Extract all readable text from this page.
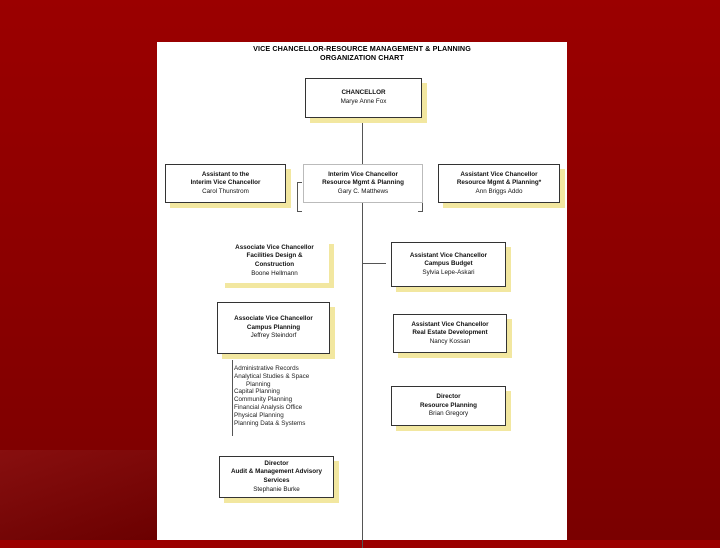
VICE CHANCELLOR-RESOURCE MANAGEMENT & PLANNING
ORGANIZATION CHART
CHANCELLOR
Marye Anne Fox
Assistant to the
Interim Vice Chancellor
Carol Thunstrom
Interim Vice Chancellor
Resource Mgmt & Planning
Gary C. Matthews
Assistant Vice Chancellor
Resource Mgmt & Planning*
Ann Briggs Addo
Associate Vice Chancellor
Facilities Design &
Construction
Boone Hellmann
Assistant Vice Chancellor
Campus Budget
Sylvia Lepe-Askari
Associate Vice Chancellor
Campus Planning
Jeffrey Steindorf
Assistant Vice Chancellor
Real Estate Development
Nancy Kossan
Administrative Records
Analytical Studies & Space
Planning
Capital Planning
Community Planning
Financial Analysis Office
Physical Planning
Planning Data & Systems
Director
Resource Planning
Brian Gregory
Director
Audit & Management Advisory
Services
Stephanie Burke
